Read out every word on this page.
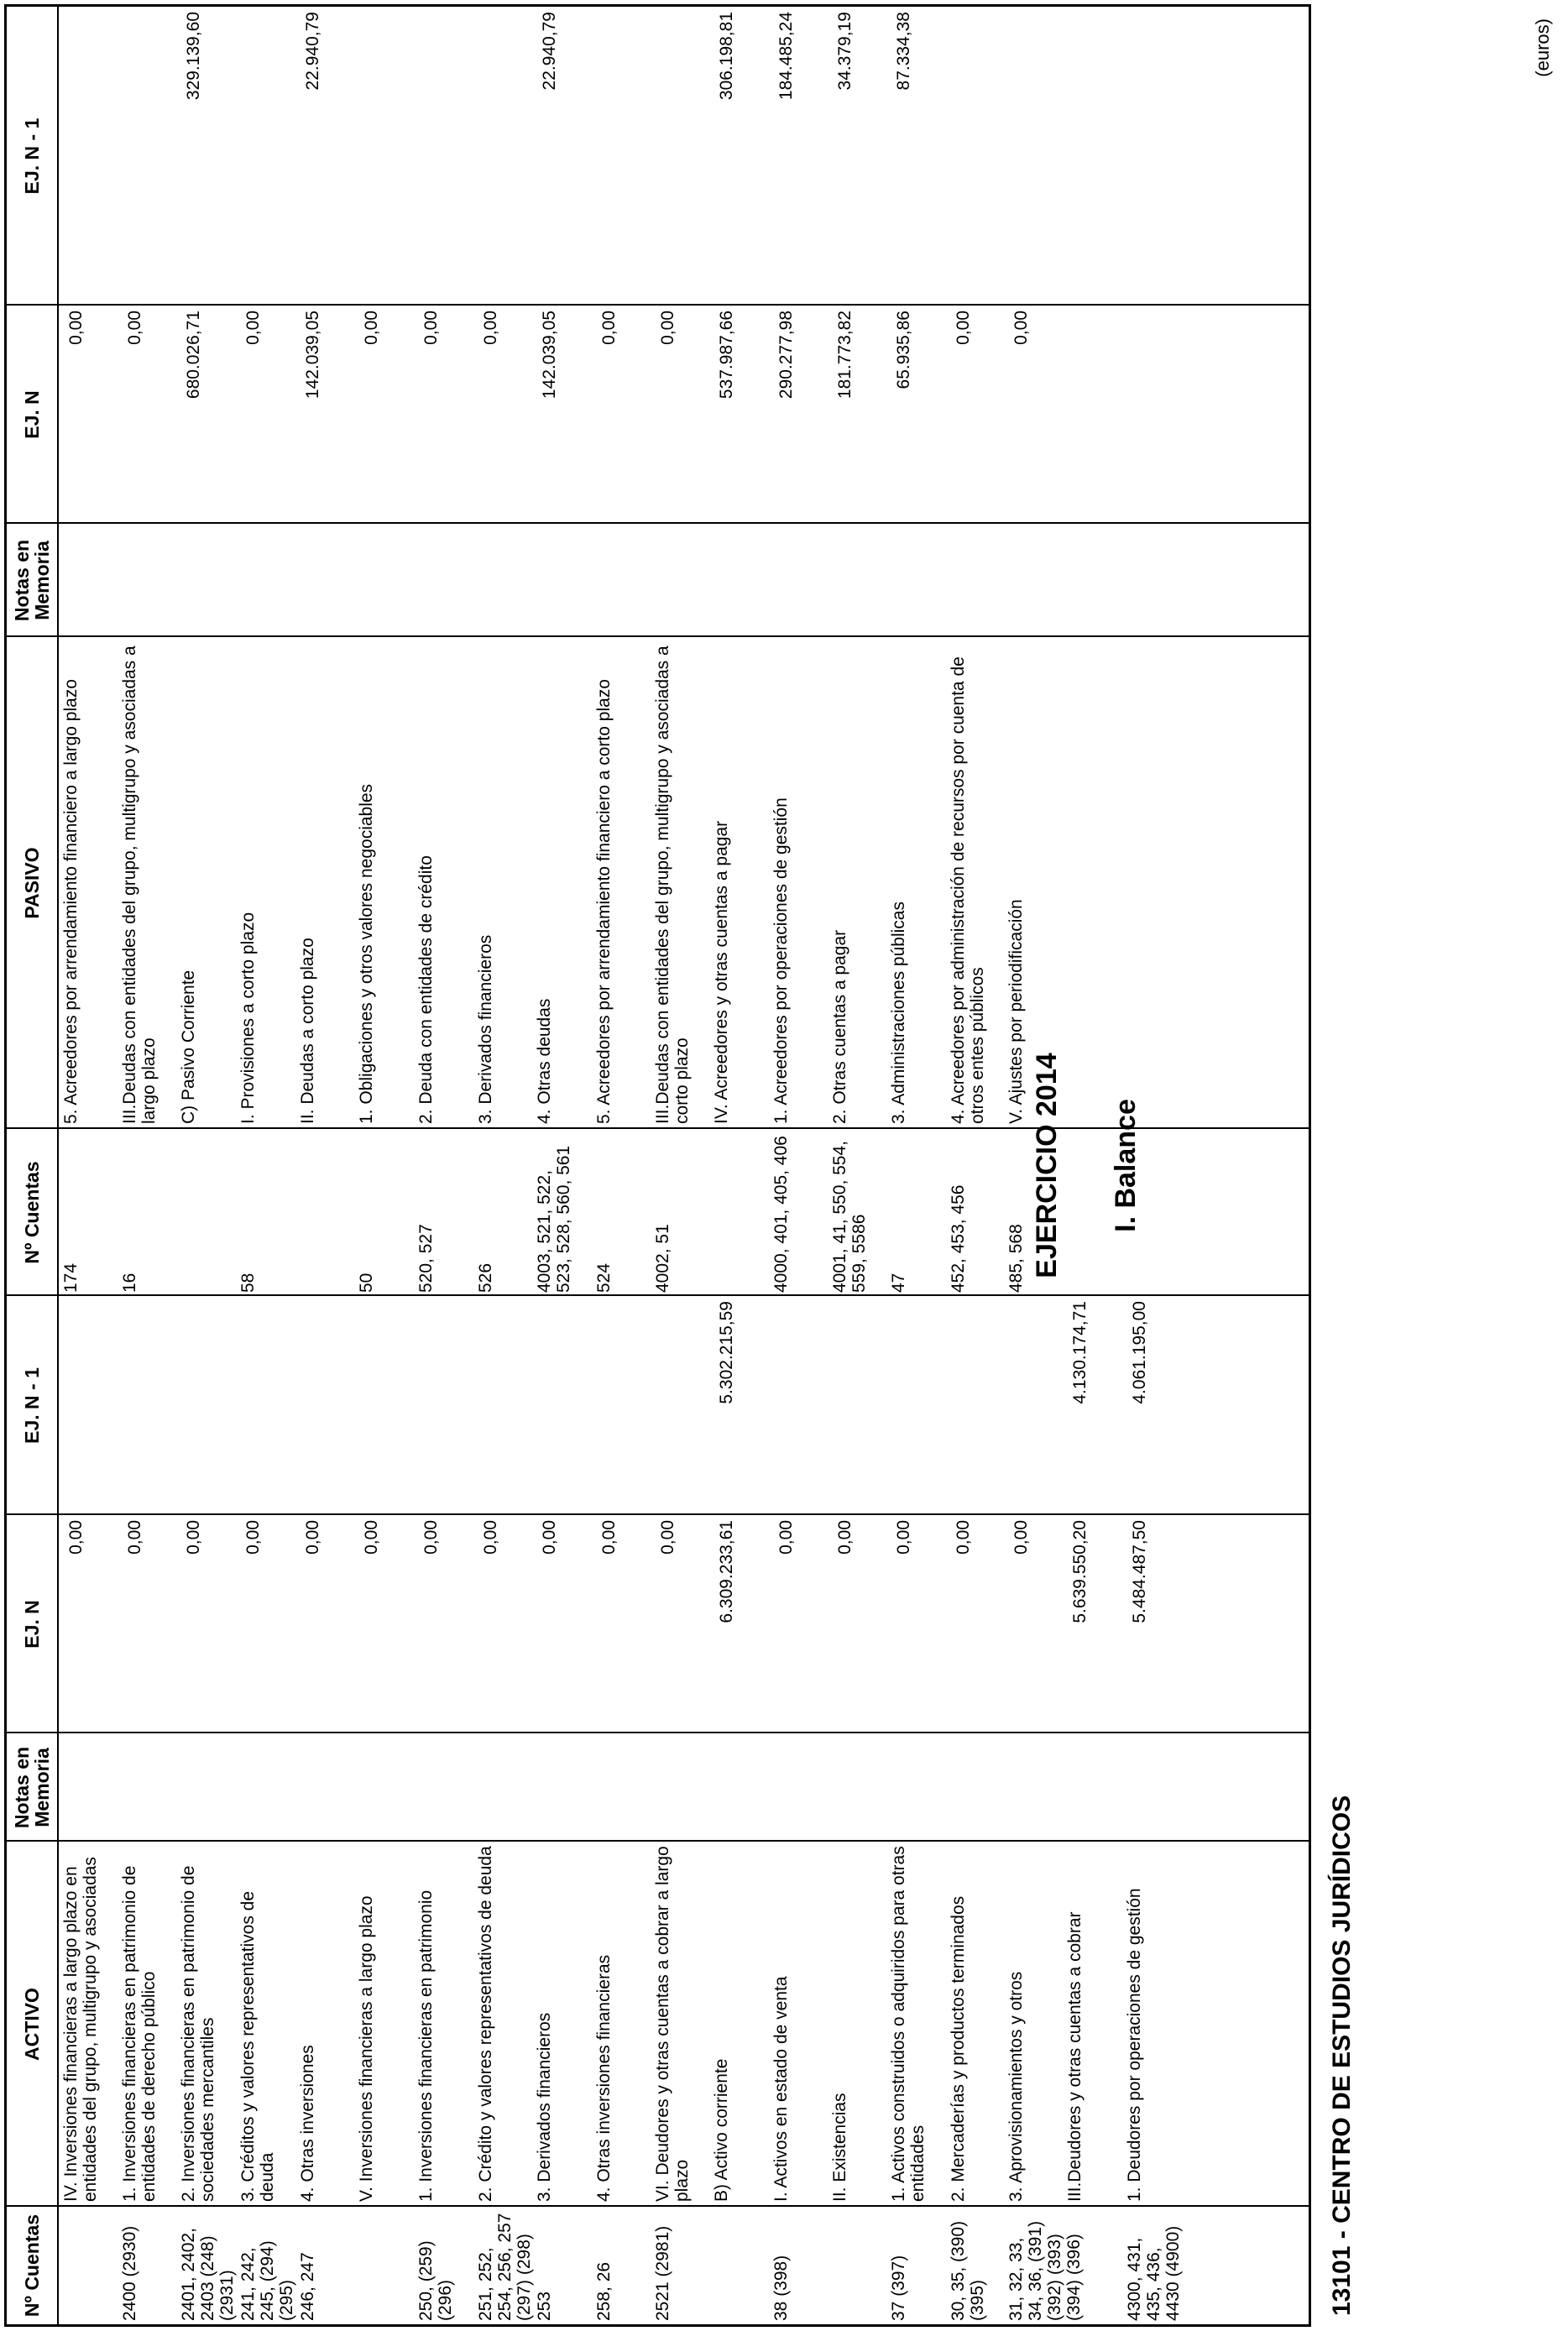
I. Balance
EJERCICIO 2014
13101 - CENTRO DE ESTUDIOS JURÍDICOS
(euros)
Nº Cuentas
ACTIVO
Notas en Memoria
EJ. N
EJ. N - 1
Nº Cuentas
PASIVO
Notas en Memoria
EJ. N
EJ. N - 1
IV. Inversiones financieras a largo plazo en entidades del grupo, multigrupo y asociadas
0,00
174
5. Acreedores por arrendamiento financiero a largo plazo
0,00
2400 (2930)
1. Inversiones financieras en patrimonio de entidades de derecho público
0,00
16
III.Deudas con entidades del grupo, multigrupo y asociadas a largo plazo
0,00
2401, 2402, 2403 (248) (2931)
2. Inversiones financieras en patrimonio de sociedades mercantiles
0,00
C) Pasivo Corriente
680.026,71
329.139,60
241, 242, 245, (294) (295)
3. Créditos y valores representativos de deuda
0,00
58
I. Provisiones a corto plazo
0,00
246, 247
4. Otras inversiones
0,00
II. Deudas a corto plazo
142.039,05
22.940,79
V. Inversiones financieras a largo plazo
0,00
50
1. Obligaciones y otros valores negociables
0,00
250, (259) (296)
1. Inversiones financieras en patrimonio
0,00
520, 527
2. Deuda con entidades de crédito
0,00
251, 252, 254, 256, 257 (297) (298)
2. Crédito y valores representativos de deuda
0,00
526
3. Derivados financieros
0,00
253
3. Derivados financieros
0,00
4003, 521, 522, 523, 528, 560, 561
4. Otras deudas
142.039,05
22.940,79
258, 26
4. Otras inversiones financieras
0,00
524
5. Acreedores por arrendamiento financiero a corto plazo
0,00
2521 (2981)
VI. Deudores y otras cuentas a cobrar a largo plazo
0,00
4002, 51
III.Deudas con entidades del grupo, multigrupo y asociadas a corto plazo
0,00
B) Activo corriente
6.309.233,61
5.302.215,59
IV. Acreedores y otras cuentas a pagar
537.987,66
306.198,81
38 (398)
I. Activos en estado de venta
0,00
4000, 401, 405, 406
1. Acreedores por operaciones de gestión
290.277,98
184.485,24
II. Existencias
0,00
4001, 41, 550, 554, 559, 5586
2. Otras cuentas a pagar
181.773,82
34.379,19
37 (397)
1. Activos construidos o adquiridos para otras entidades
0,00
47
3. Administraciones públicas
65.935,86
87.334,38
30, 35, (390) (395)
2. Mercaderías y productos terminados
0,00
452, 453, 456
4. Acreedores por administración de recursos por cuenta de otros entes públicos
0,00
31, 32, 33, 34, 36, (391) (392) (393) (394) (396)
3. Aprovisionamientos y otros
0,00
485, 568
V. Ajustes por periodificación
0,00
III.Deudores y otras cuentas a cobrar
5.639.550,20
4.130.174,71
4300, 431, 435, 436, 4430 (4900)
1. Deudores por operaciones de gestión
5.484.487,50
4.061.195,00
